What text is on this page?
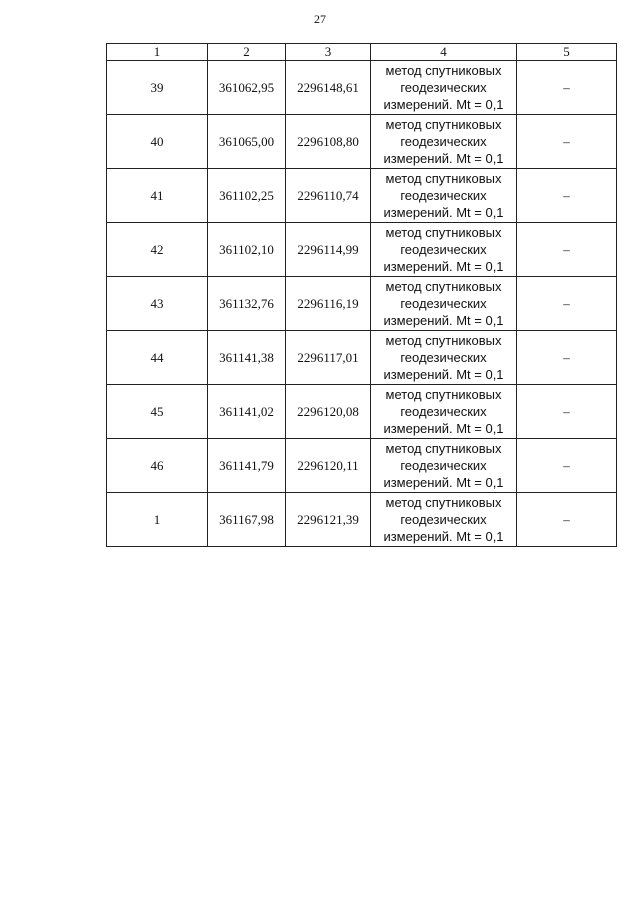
27
1	2	3	4	5
39	361062,95	2296148,61	метод спутниковых
геодезических
измерений. Mt = 0,1	–
40	361065,00	2296108,80	метод спутниковых
геодезических
измерений. Mt = 0,1	–
41	361102,25	2296110,74	метод спутниковых
геодезических
измерений. Mt = 0,1	–
42	361102,10	2296114,99	метод спутниковых
геодезических
измерений. Mt = 0,1	–
43	361132,76	2296116,19	метод спутниковых
геодезических
измерений. Mt = 0,1	–
44	361141,38	2296117,01	метод спутниковых
геодезических
измерений. Mt = 0,1	–
45	361141,02	2296120,08	метод спутниковых
геодезических
измерений. Mt = 0,1	–
46	361141,79	2296120,11	метод спутниковых
геодезических
измерений. Mt = 0,1	–
1	361167,98	2296121,39	метод спутниковых
геодезических
измерений. Mt = 0,1	–
